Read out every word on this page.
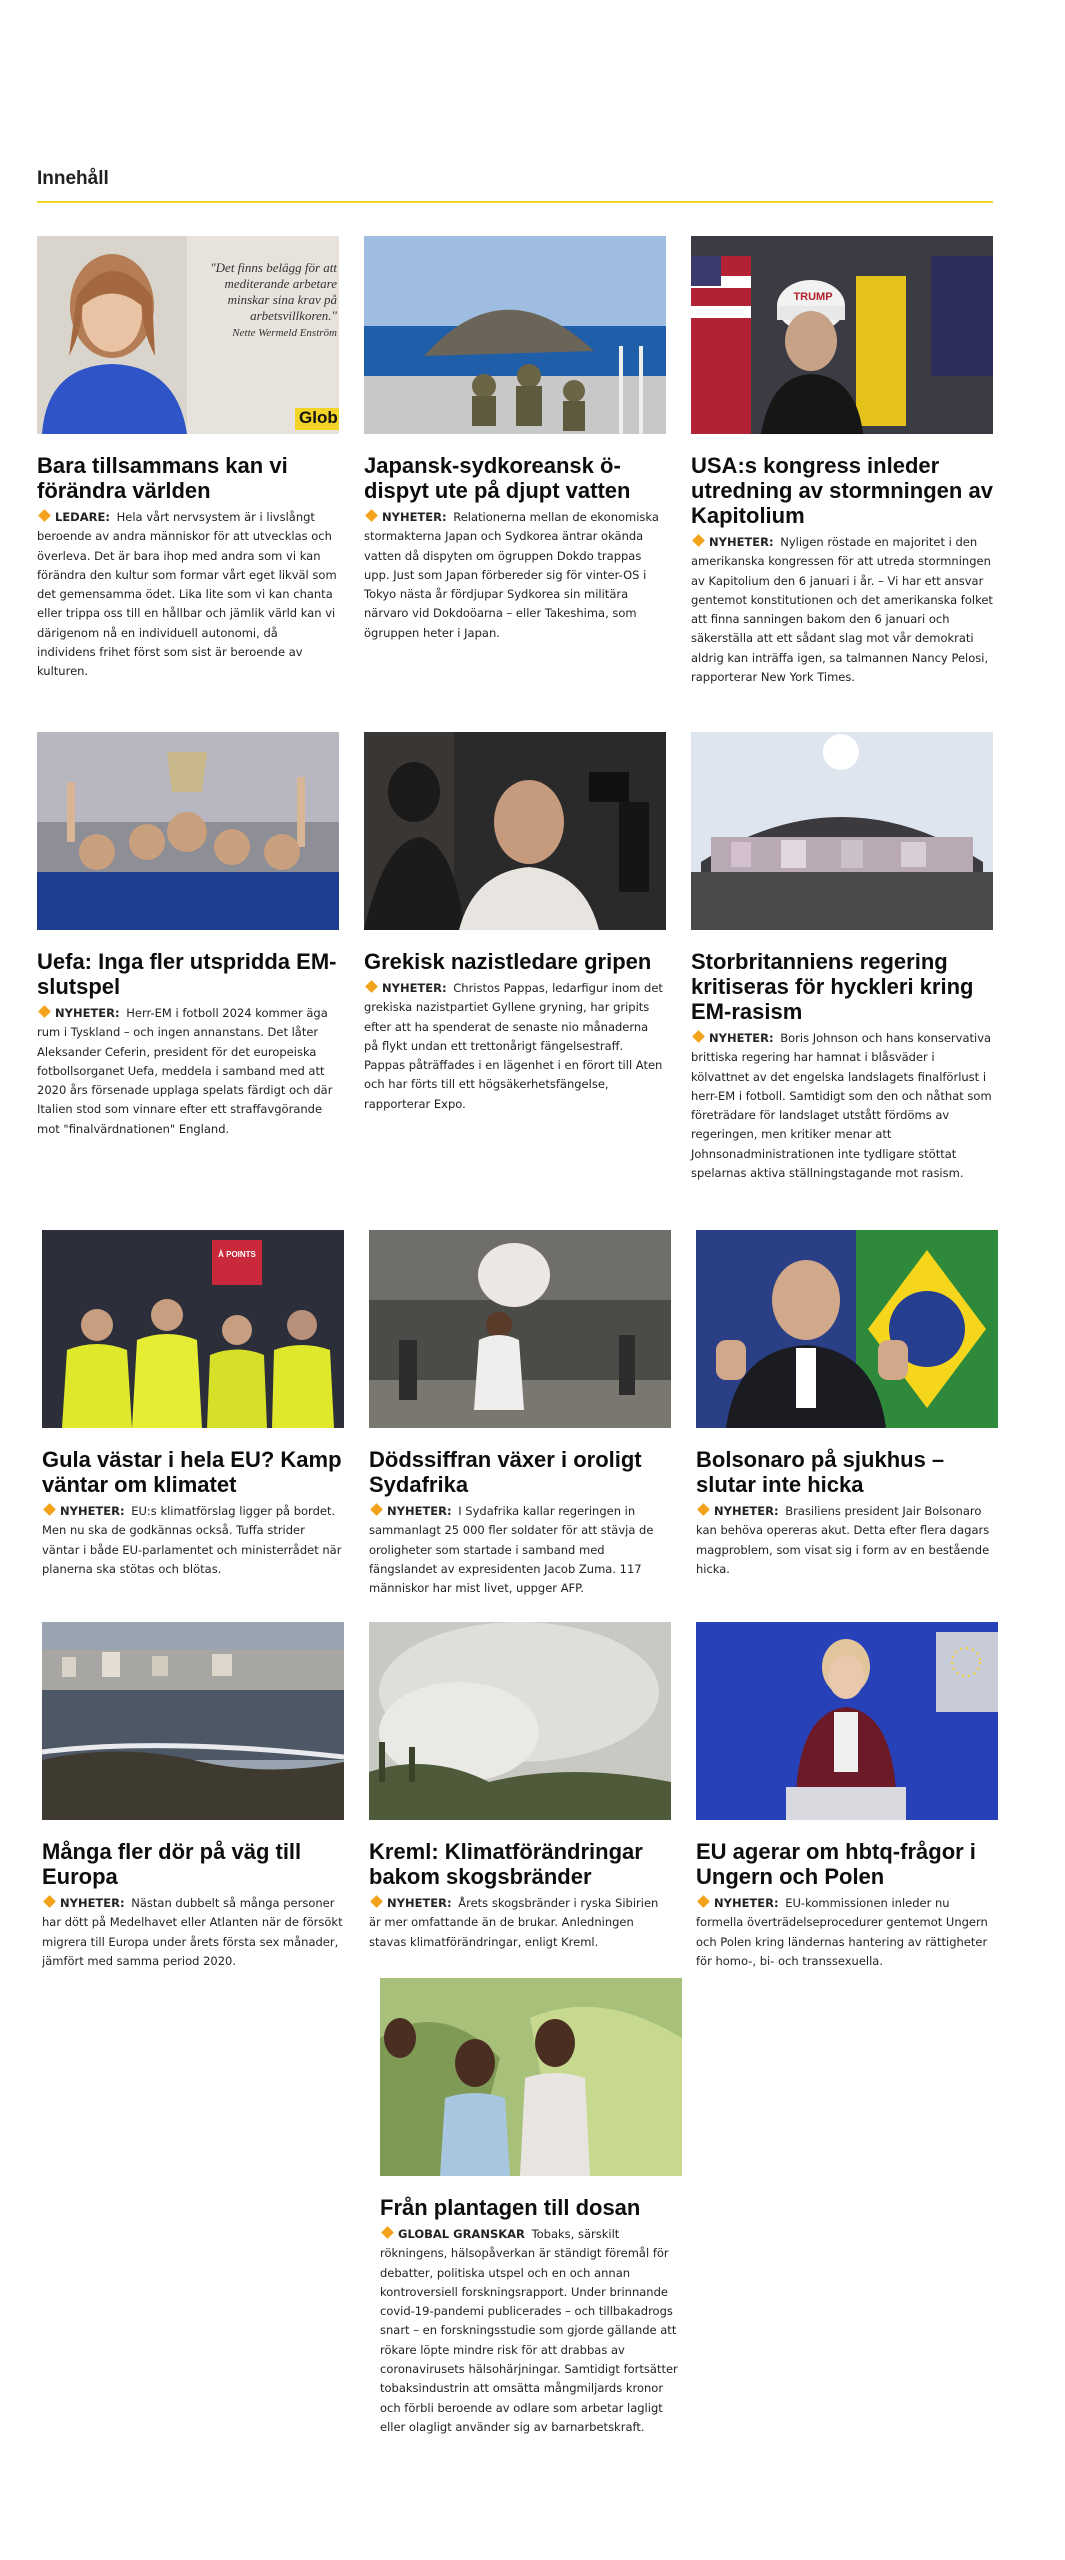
Innehåll
"Det finns belägg för att mediterande arbetare minskar sina krav på arbetsvillkoren."
Nette Wermeld Enström
Glob
Bara tillsammans kan vi förändra världen

LEDARE: Hela vårt nervsystem är i livslångt beroende av andra människor för att utvecklas och överleva. Det är bara ihop med andra som vi kan förändra den kultur som formar vårt eget likväl som det gemensamma ödet. Lika lite som vi kan chanta eller trippa oss till en hållbar och jämlik värld kan vi därigenom nå en individuell autonomi, då individens frihet först som sist är beroende av kulturen.

Japansk-sydkoreansk ö-dispyt ute på djupt vatten

NYHETER: Relationerna mellan de ekonomiska stormakterna Japan och Sydkorea äntrar okända vatten då dispyten om ögruppen Dokdo trappas upp. Just som Japan förbereder sig för vinter-OS i Tokyo nästa år fördjupar Sydkorea sin militära närvaro vid Dokdoöarna – eller Takeshima, som ögruppen heter i Japan.

TRUMP
USA:s kongress inleder utredning av stormningen av Kapitolium

NYHETER: Nyligen röstade en majoritet i den amerikanska kongressen för att utreda stormningen av Kapitolium den 6 januari i år. – Vi har ett ansvar gentemot konstitutionen och det amerikanska folket att finna sanningen bakom den 6 januari och säkerställa att ett sådant slag mot vår demokrati aldrig kan inträffa igen, sa talmannen Nancy Pelosi, rapporterar New York Times.

Uefa: Inga fler utspridda EM-slutspel

NYHETER: Herr-EM i fotboll 2024 kommer äga rum i Tyskland – och ingen annanstans. Det låter Aleksander Ceferin, president för det europeiska fotbollsorganet Uefa, meddela i samband med att 2020 års försenade upplaga spelats färdigt och där Italien stod som vinnare efter ett straffavgörande mot "finalvärdnationen" England.

Grekisk nazistledare gripen

NYHETER: Christos Pappas, ledarfigur inom det grekiska nazistpartiet Gyllene gryning, har gripits efter att ha spenderat de senaste nio månaderna på flykt undan ett trettonårigt fängelsestraff. Pappas påträffades i en lägenhet i en förort till Aten och har förts till ett högsäkerhetsfängelse, rapporterar Expo.

Storbritanniens regering kritiseras för hyckleri kring EM-rasism

NYHETER: Boris Johnson och hans konservativa brittiska regering har hamnat i blåsväder i kölvattnet av det engelska landslagets finalförlust i herr-EM i fotboll. Samtidigt som den och nåthat som företrädare för landslaget utstått fördöms av regeringen, men kritiker menar att Johnsonadministrationen inte tydligare stöttat spelarnas aktiva ställningstagande mot rasism.

À POINTS
Gula västar i hela EU? Kamp väntar om klimatet

NYHETER: EU:s klimatförslag ligger på bordet. Men nu ska de godkännas också. Tuffa strider väntar i både EU-parlamentet och ministerrådet när planerna ska stötas och blötas.

Dödssiffran växer i oroligt Sydafrika

NYHETER: I Sydafrika kallar regeringen in sammanlagt 25 000 fler soldater för att stävja de oroligheter som startade i samband med fängslandet av expresidenten Jacob Zuma. 117 människor har mist livet, uppger AFP.

Bolsonaro på sjukhus – slutar inte hicka

NYHETER: Brasiliens president Jair Bolsonaro kan behöva opereras akut. Detta efter flera dagars magproblem, som visat sig i form av en bestående hicka.

Många fler dör på väg till Europa

NYHETER: Nästan dubbelt så många personer har dött på Medelhavet eller Atlanten när de försökt migrera till Europa under årets första sex månader, jämfört med samma period 2020.

Kreml: Klimatförändringar bakom skogsbränder

NYHETER: Årets skogsbränder i ryska Sibirien är mer omfattande än de brukar. Anledningen stavas klimatförändringar, enligt Kreml.

EU agerar om hbtq-frågor i Ungern och Polen

NYHETER: EU-kommissionen inleder nu formella överträdelseprocedurer gentemot Ungern och Polen kring ländernas hantering av rättigheter för homo-, bi- och transsexuella.

Från plantagen till dosan

GLOBAL GRANSKAR Tobaks, särskilt rökningens, hälsopåverkan är ständigt föremål för debatter, politiska utspel och en och annan kontroversiell forskningsrapport. Under brinnande covid-19-pandemi publicerades – och tillbakadrogs snart – en forskningsstudie som gjorde gällande att rökare löpte mindre risk för att drabbas av coronavirusets hälsohärjningar. Samtidigt fortsätter tobaksindustrin att omsätta mångmiljards kronor och förbli beroende av odlare som arbetar lagligt eller olagligt använder sig av barnarbetskraft.
